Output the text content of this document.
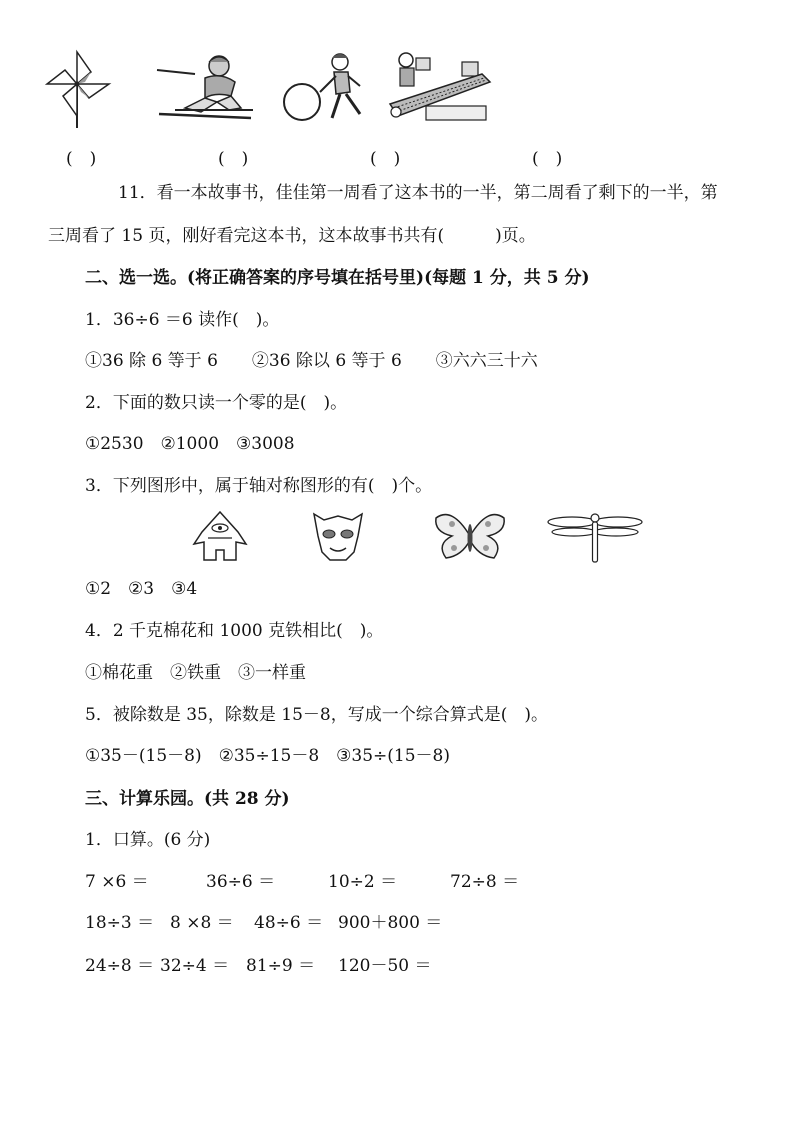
(　)	(　)	(　)	(　)
11．看一本故事书，佳佳第一周看了这本书的一半，第二周看了剩下的一半，第
三周看了 15 页，刚好看完这本书，这本故事书共有(　　　)页。
二、选一选。(将正确答案的序号填在括号里)(每题 1 分，共 5 分)
1．36÷6 ＝6 读作(　)。
①36 除 6 等于 6　　②36 除以 6 等于 6　　③六六三十六
2．下面的数只读一个零的是(　)。
①2530　②1000　③3008
3．下列图形中，属于轴对称图形的有(　)个。
①2　②3　③4
4．2 千克棉花和 1000 克铁相比(　)。
①棉花重　②铁重　③一样重
5．被除数是 35，除数是 15－8，写成一个综合算式是(　)。
①35－(15－8)　②35÷15－8　③35÷(15－8)
三、计算乐园。(共 28 分)
1．口算。(6 分)
7 ×6 ＝	36÷6 ＝	10÷2 ＝	72÷8 ＝
18÷3 ＝ 8 ×8 ＝ 48÷6 ＝ 900＋800 ＝
24÷8 ＝ 32÷4 ＝ 81÷9 ＝ 120－50 ＝
